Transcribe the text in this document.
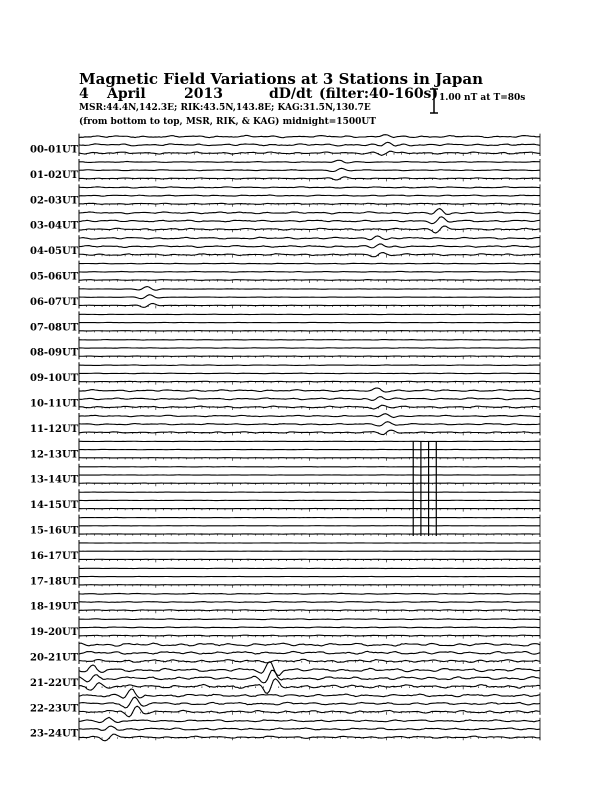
Magnetic Field Variations at 3 Stations in Japan
4 April	2013	dD/dt (filter:40-160s)
MSR:44.4N,142.3E; RIK:43.5N,143.8E; KAG:31.5N,130.7E
(from bottom to top, MSR, RIK, & KAG) midnight=1500UT
1.00 nT at T=80s
00-01UT
01-02UT
02-03UT
03-04UT
04-05UT
05-06UT
06-07UT
07-08UT
08-09UT
09-10UT
10-11UT
11-12UT
12-13UT
13-14UT
14-15UT
15-16UT
16-17UT
17-18UT
18-19UT
19-20UT
20-21UT
21-22UT
22-23UT
23-24UT
